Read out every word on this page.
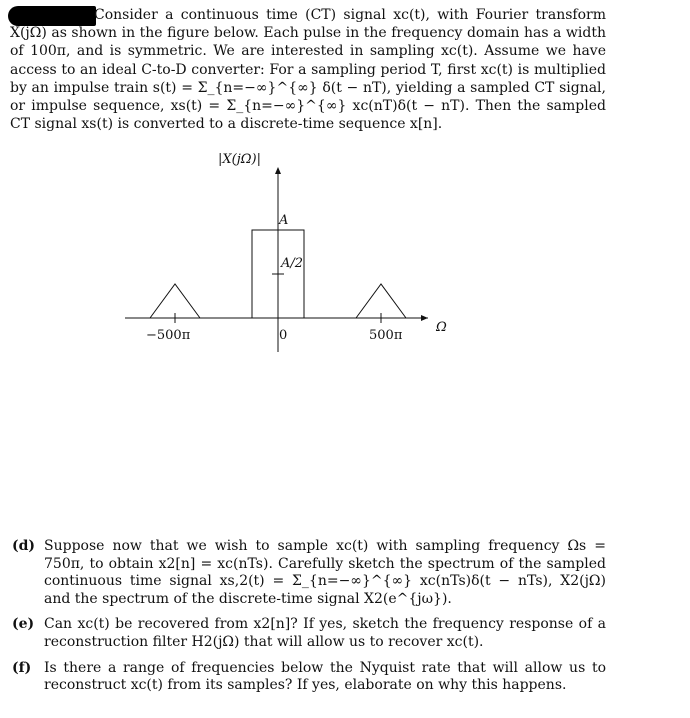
Consider a continuous time (CT) signal xc(t), with Fourier transform X(jΩ) as shown in the figure below. Each pulse in the frequency domain has a width of 100π, and is symmetric. We are interested in sampling xc(t). Assume we have access to an ideal C-to-D converter: For a sampling period T, first xc(t) is multiplied by an impulse train s(t) = Σ_{n=−∞}^{∞} δ(t − nT), yielding a sampled CT signal, or impulse sequence, xs(t) = Σ_{n=−∞}^{∞} xc(nT)δ(t − nT). Then the sampled CT signal xs(t) is converted to a discrete-time sequence x[n].

|X(jΩ)|
A
A/2
−500π	0	500π
Ω
(d) Suppose now that we wish to sample xc(t) with sampling frequency Ωs = 750π, to obtain x2[n] = xc(nTs). Carefully sketch the spectrum of the sampled continuous time signal xs,2(t) = Σ_{n=−∞}^{∞} xc(nTs)δ(t − nTs), X2(jΩ) and the spectrum of the discrete-time signal X2(e^{jω}).
(e) Can xc(t) be recovered from x2[n]? If yes, sketch the frequency response of a reconstruction filter H2(jΩ) that will allow us to recover xc(t).
(f) Is there a range of frequencies below the Nyquist rate that will allow us to reconstruct xc(t) from its samples? If yes, elaborate on why this happens.
